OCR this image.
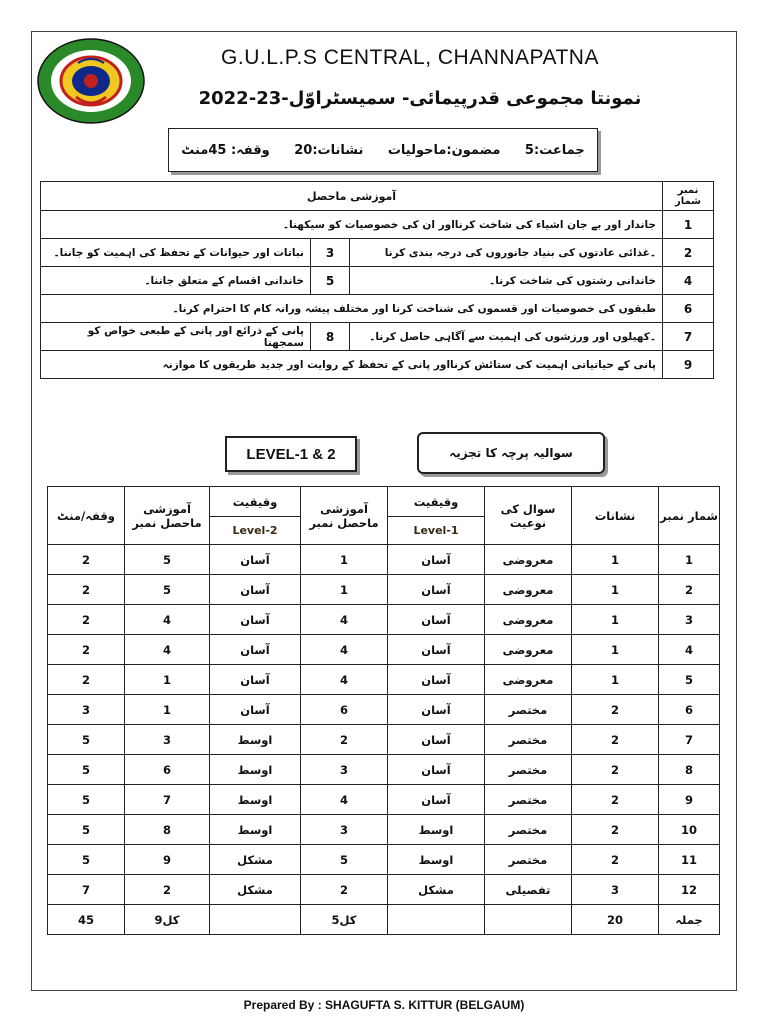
G.U.L.P.S CENTRAL, CHANNAPATNA
نمونتا مجموعی قدرپیمائی- سمیسٹراوّل-23-2022
جماعت:5
مضمون:ماحولیات
نشانات:20
وقفہ: 45منٹ
نمبر شمار	آموزشی ماحصل		
1	جاندار اور بے جان اشیاء کی شاخت کرنااور ان کی خصوصیات کو سیکھنا۔		
2	۔غذائی عادتوں کی بنیاد جانوروں کی درجہ بندی کرنا	3	نباتات اور حیوانات کے تحفظ کی اہمیت کو جاننا۔
4	خاندانی رشتوں کی شاخت کرنا۔	5	خاندانی اقسام کے متعلق جاننا۔
6	طبقوں کی خصوصیات اور قسموں کی شناخت کرنا اور مختلف پیشہ ورانہ کام کا احترام کرنا۔		
7	۔کھیلوں اور ورزشوں کی اہمیت سے آگاہی حاصل کرنا۔	8	پانی کے ذرائع اور پانی کے طبعی خواص کو سمجھنا
9	پانی کے حیاتیاتی اہمیت کی ستائش کرنااور پانی کے تحفظ کے روایت اور جدید طریقوں کا موازنہ		
LEVEL-1 & 2	سوالیہ پرچہ کا تجزیہ
شمار نمبر	نشانات	سوال کی نوعیت	وقیقیت	آموزشی ماحصل نمبر	وقیقیت	آموزشی ماحصل نمبر	وقفہ/منٹ
			Level-1		Level-2		
1	1	معروضی	آسان	1	آسان	5	2
2	1	معروضی	آسان	1	آسان	5	2
3	1	معروضی	آسان	4	آسان	4	2
4	1	معروضی	آسان	4	آسان	4	2
5	1	معروضی	آسان	4	آسان	1	2
6	2	مختصر	آسان	6	آسان	1	3
7	2	مختصر	آسان	2	اوسط	3	5
8	2	مختصر	آسان	3	اوسط	6	5
9	2	مختصر	آسان	4	اوسط	7	5
10	2	مختصر	اوسط	3	اوسط	8	5
11	2	مختصر	اوسط	5	مشکل	9	5
12	3	تفصیلی	مشکل	2	مشکل	2	7
جملہ	20			کل5		کل9	45
Prepared By : SHAGUFTA S. KITTUR (BELGAUM)
